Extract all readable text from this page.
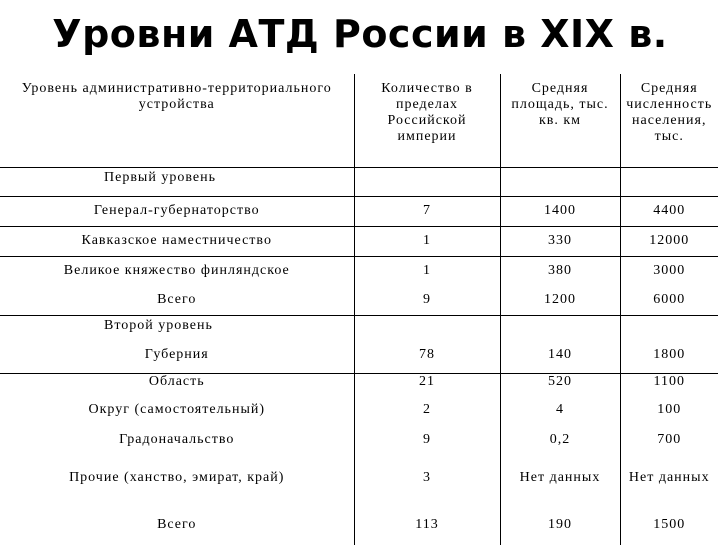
Уровни АТД России в XIX в.
Уровень административно-территориального устройства	Количество в пределах Российской империи	Средняя площадь, тыс. кв. км	Средняя численность населения, тыс.
Первый уровень			
Генерал-губернаторство	7	1400	4400
Кавказское наместничество	1	330	12000
Великое княжество финляндское	1	380	3000
Всего	9	1200	6000
Второй уровень			
Губерния	78	140	1800
Область	21	520	1100
Округ (самостоятельный)	2	4	100
Градоначальство	9	0,2	700
Прочие (ханство, эмират, край)	3	Нет данных	Нет данных
Всего	113	190	1500
